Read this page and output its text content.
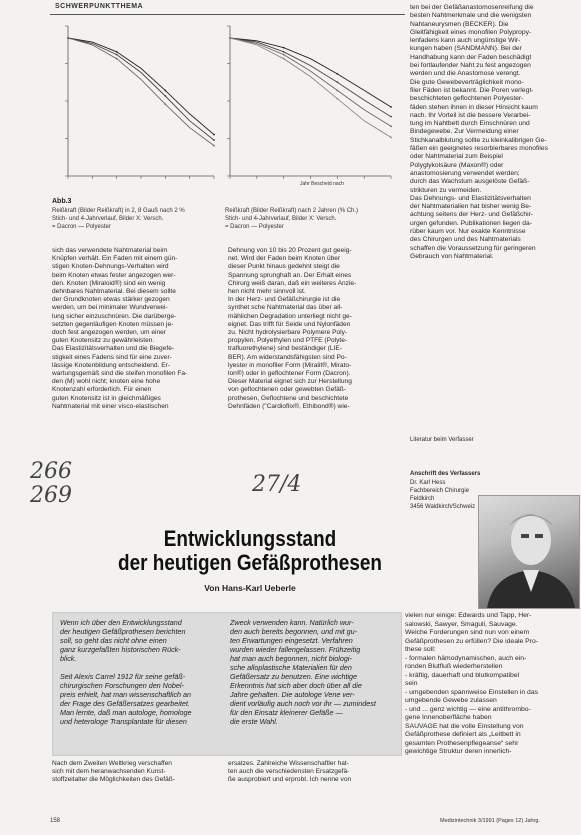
SCHWERPUNKTTHEMA
Jahr Bescheid nach
Abb.3
Reißkraft (Bilder Reißkraft) in 2, 8 Gauß nach 2 %
Stich- und 4-Jahrverlauf, Bilder X: Versch.
= Dacron — Polyester
Reißkraft (Bilder Reißkraft) nach 2 Jahren (% Ch.)
Stich- und 4-Jahrverlauf, Bilder X: Versch.
= Dacron — Polyester
sich das verwendete Nahtmaterial beim
Knüpfen verhält. Ein Faden mit einem gün-
stigen Knoten-Dehnungs-Verhalten wird
beim Knoten etwas fester angezogen wer-
den. Knoten (Miraloid®) sind ein wenig
dehnbares Nahtmaterial. Bei diesem sollte
der Grundknoten etwas stärker gezogen
werden, um bei minimaler Wundverwei-
lung sicher einzuschnüren. Die darüberge-
setzten gegenläufigen Knoten müssen je-
doch fest angezogen werden, um einer
guten Knotensitz zu gewährleisten.
Das Elastizitätsverhalten und die Biegefe-
stigkeit eines Fadens sind für eine zuver-
lässige Knotenbildung entscheidend. Er-
wartungsgemäß sind die steifen monofilen Fa-
den (M) wohl nicht; knoten eine hohe
Knotenzahl erforderlich. Für einen
guten Knotensitz ist in gleichmäßiges
Nahtmaterial mit einer visco-elastischen
Dehnung von 10 bis 20 Prozent gut geeig-
net. Wird der Faden beim Knoten über
dieser Punkt hinaus gedehnt steigt die
Spannung sprunghaft an. Der Erhalt eines
Chirurg weiß daran, daß ein weiteres Anzie-
hen nicht mehr sinnvoll ist.
In der Herz- und Gefäßchirurgie ist die
synthet sche Nahtmaterial das über all-
mählichen Degradation unterliegt nicht ge-
eignet. Das trifft für Seide und Nylonfäden
zu. Nicht hydrolysierbare Polymere Poly-
propylen, Polyethylen und PTFE (Polyte-
trafluorethylene) sind beständiger (LIE-
BER). Am widerstandsfähigsten sind Po-
lyester in monofiler Form (Miralit®, Mirato-
lon®) oder in geflochtener Form (Dacron).
Dieser Material eignet sich zur Herstellung
von geflochtenen oder gewebten Gefäß-
prothesen, Geflochtene und beschichtete
Dehnfäden ("Cardioflix®, Ethibond®) wie-
ten bei der Gefäßanastomosenreifung die
besten Nahtmerkmale und die wenigsten
Nahtaneurysmen (BECKER). Die
Gleitfähigkeit eines monofilen Polypropy-
lenfadens kann auch ungünstige Wir-
kungen haben (SANDMANN). Bei der
Handhabung kann der Faden beschädigt
bei fortlaufender Naht zu fest angezogen
werden und die Anastomose verengt.
Die gute Gewebeverträglichkeit mono-
filer Fäden ist bekannt. Die Poren verlegt-
beschichteten geflochtenen Polyester-
fäden stehen ihnen in dieser Hinsicht kaum
nach. Ihr Vorteil ist die bessere Verarbei-
tung im Nahtbett durch Einschnüren und
Bindegewebe. Zur Vermeidung einer
Stichkanalblutung sollte zu kleinkalibrigen Ge-
fäßen ein geeignetes resorbierbares monofiles
oder Nahtmaterial zum Beispiel
Polyglykolsäure (Maxon®) oder
anastomosierung verwendet werden;
durch das Wachstum ausgelöste Gefäß-
strikturen zu vermeiden.
Das Dehnungs- und Elastizitätsverhalten
der Nahtmaterialien hat bisher wenig Be-
achtung seitens der Herz- und Gefäßchir-
urgen gefunden. Publikationen liegen da-
rüber kaum vor. Nur exakte Kenntnisse
des Chirurgen und des Nahtmaterials
schaffen die Voraussetzung für geringeren
Gebrauch von Nahtmaterial.
Literatur beim Verfasser
Anschrift des Verfassers
Dr. Karl Hess
Fachbereich Chirurgie
Feldkirch
3456 Waldkirch/Schweiz
266
269	27/4
Entwicklungsstand
der heutigen Gefäßprothesen
Von Hans-Karl Ueberle
Wenn ich über den Entwicklungsstand
der heutigen Gefäßprothesen berichten
soll, so geht das nicht ohne einen
ganz kurzgefaßten historischen Rück-
blick.

Seit Alexis Carrel 1912 für seine gefäß-
chirurgischen Forschungen den Nobel-
preis erhielt, hat man wissenschaftlich an
der Frage des Gefäßersatzes gearbeitet.
Man lernte, daß man autologe, homologe
und heterologe Transplantate für diesen
Zweck verwenden kann. Natürlich wur-
den auch bereits begonnen, und mit gu-
ten Erwartungen eingesetzt. Verfahren
wurden wieder fallengelassen. Frühzeitig
hat man auch begonnen, nicht biologi-
sche alloplastische Materialien für den
Gefäßersatz zu benutzen. Eine wichtige
Erkenntnis hat sich aber doch über all die
Jahre gehalten. Die autologe Vene ver-
dient vorläufig auch noch vor ihr — zumindest
für den Einsatz kleinerer Gefäße —
die erste Wahl.
Nach dem Zweiten Weltkrieg verschaffen
sich mit dem heranwachsenden Kunst-
stoffzeitalter die Möglichkeiten des Gefäß-
ersatzes. Zahlreiche Wissenschaftler hat-
ten auch die verschiedensten Ersatzgefä-
ße ausprobiert und erprobt. Ich nenne von
vielen nur einige: Edwards und Tapp, Her-
salowski, Sawyer, Smaguli, Sauvage.
Welche Forderungen sind nun von einem
Gefäßprothesen zu erfüllen? Die ideale Pro-
these soll:
- formalen hämodynamischen, auch ein-
ronden Blutfluß wiederherstellen
- kräftig, dauerhaft und blutkompatibel
sein
- umgebenden spannweise Einstellen in das
umgebende Gewebe zulassen
- und ... genz wichtig — eine antithrombo-
gene Innenoberfläche haben
SAUVAGE hat die volle Einstellung von
Gefäßprothese definiert als „Leitbett in
gesamten Prothesenpflegeanse“ sehr
gewichtige Struktur deren innerlich-
158	Medizintechnik 3/1991 (Pages 12) Jahrg.
